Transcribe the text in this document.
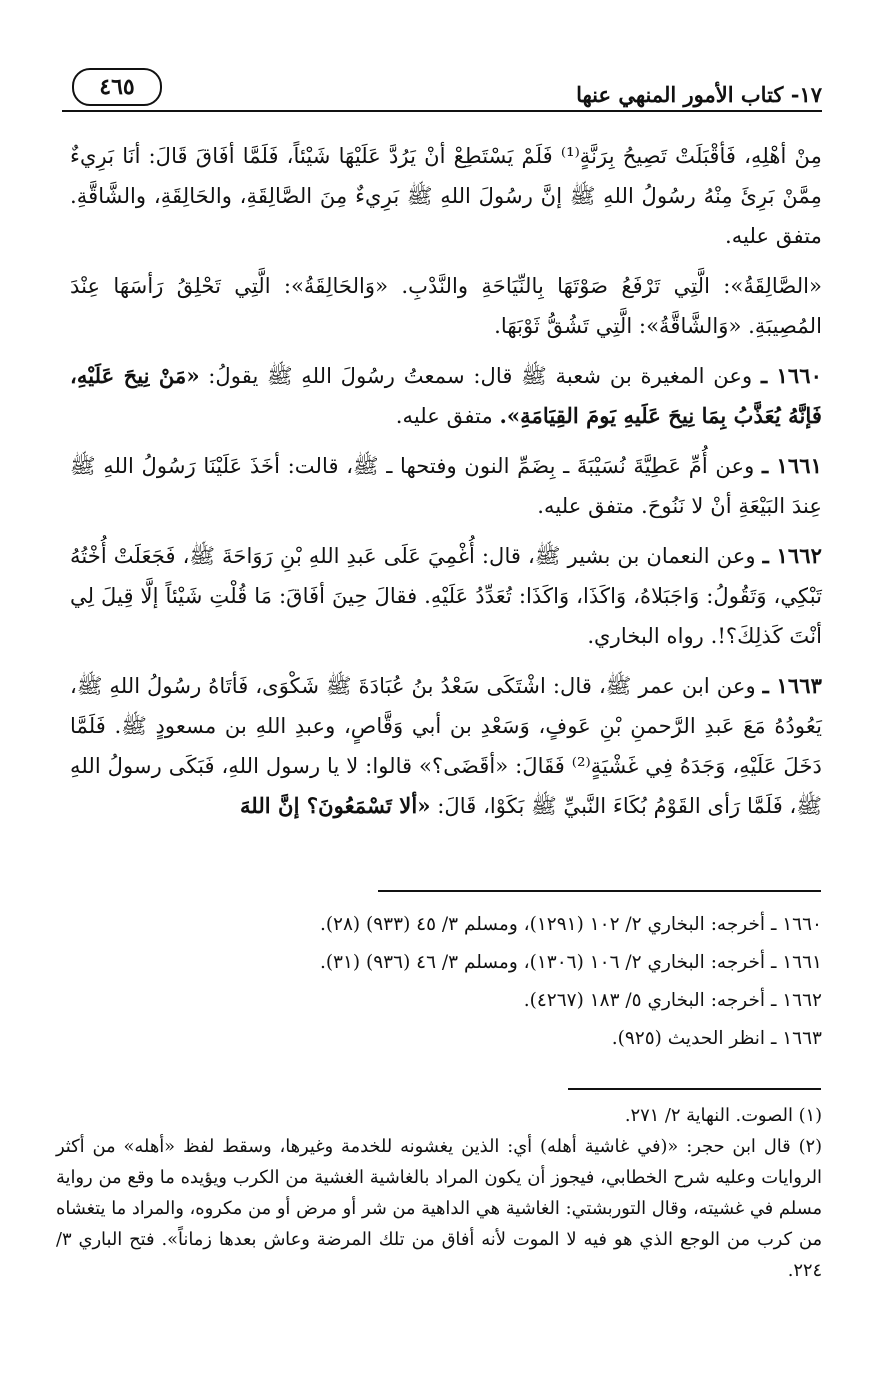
١٧- كتاب الأمور المنهي عنها
٤٦٥

مِنْ أهْلِهِ، فَأقْبَلَتْ تَصِيحُ بِرَنَّةٍ⁽¹⁾ فَلَمْ يَسْتَطِعْ أنْ يَرُدَّ عَلَيْهَا شَيْئاً، فَلَمَّا أفَاقَ قَالَ: أنَا بَرِيءٌ مِمَّنْ بَرِئَ مِنْهُ رسُولُ اللهِ ﷺ إنَّ رسُولَ اللهِ ﷺ بَرِيءٌ مِنَ الصَّالِقَةِ، والحَالِقَةِ، والشَّاقَّةِ. متفق عليه.

«الصَّالِقَةُ»: الَّتِي تَرْفَعُ صَوْتَهَا بِالنِّيَاحَةِ والنَّدْبِ. «وَالحَالِقَةُ»: الَّتِي تَحْلِقُ رَأسَهَا عِنْدَ المُصِيبَةِ. «وَالشَّاقَّةُ»: الَّتِي تَشُقُّ ثَوْبَهَا.

١٦٦٠ ـ وعن المغيرة بن شعبة ﷺ قال: سمعتُ رسُولَ اللهِ ﷺ يقولُ: «مَنْ نِيحَ عَلَيْهِ، فَإنَّهُ يُعَذَّبُ بِمَا نِيحَ عَلَيهِ يَومَ القِيَامَةِ». متفق عليه.

١٦٦١ ـ وعن أُمِّ عَطِيَّةَ نُسَيْبَةَ ـ بِضَمِّ النون وفتحها ـ ﷺ، قالت: أخَذَ عَلَيْنَا رَسُولُ اللهِ ﷺ عِندَ البَيْعَةِ أنْ لا نَنُوحَ. متفق عليه.

١٦٦٢ ـ وعن النعمان بن بشير ﷺ، قال: أُغْمِيَ عَلَى عَبدِ اللهِ بْنِ رَوَاحَةَ ﷺ، فَجَعَلَتْ أُخْتُهُ تَبْكِي، وَتَقُولُ: وَاجَبَلاهُ، وَاكَذَا، وَاكَذَا: تُعَدِّدُ عَلَيْهِ. فقالَ حِينَ أفَاقَ: مَا قُلْتِ شَيْئاً إلَّا قِيلَ لِي أنْتَ كَذلِكَ؟!. رواه البخاري.

١٦٦٣ ـ وعن ابن عمر ﷺ، قال: اشْتَكَى سَعْدُ بنُ عُبَادَةَ ﷺ شَكْوَى، فَأتَاهُ رسُولُ اللهِ ﷺ، يَعُودُهُ مَعَ عَبدِ الرَّحمنِ بْنِ عَوفٍ، وَسَعْدِ بن أبي وَقَّاصٍ، وعبدِ اللهِ بن مسعودٍ ﷺ. فَلَمَّا دَخَلَ عَلَيْهِ، وَجَدَهُ فِي غَشْيَةٍ⁽²⁾ فَقَالَ: «أقَضَى؟» قالوا: لا يا رسول اللهِ، فَبَكَى رسولُ اللهِ ﷺ، فَلَمَّا رَأى القَوْمُ بُكَاءَ النَّبيِّ ﷺ بَكَوْا، قَالَ: «ألا تَسْمَعُونَ؟ إنَّ اللهَ

١٦٦٠ ـ أخرجه: البخاري ٢/ ١٠٢ (١٢٩١)، ومسلم ٣/ ٤٥ (٩٣٣) (٢٨).

١٦٦١ ـ أخرجه: البخاري ٢/ ١٠٦ (١٣٠٦)، ومسلم ٣/ ٤٦ (٩٣٦) (٣١).

١٦٦٢ ـ أخرجه: البخاري ٥/ ١٨٣ (٤٢٦٧).

١٦٦٣ ـ انظر الحديث (٩٢٥).

(١) الصوت. النهاية ٢/ ٢٧١.

(٢) قال ابن حجر: «(في غاشية أهله) أي: الذين يغشونه للخدمة وغيرها، وسقط لفظ «أهله» من أكثر الروايات وعليه شرح الخطابي، فيجوز أن يكون المراد بالغاشية الغشية من الكرب ويؤيده ما وقع من رواية مسلم في غشيته، وقال التوربشتي: الغاشية هي الداهية من شر أو مرض أو من مكروه، والمراد ما يتغشاه من كرب من الوجع الذي هو فيه لا الموت لأنه أفاق من تلك المرضة وعاش بعدها زماناً». فتح الباري ٣/ ٢٢٤.
